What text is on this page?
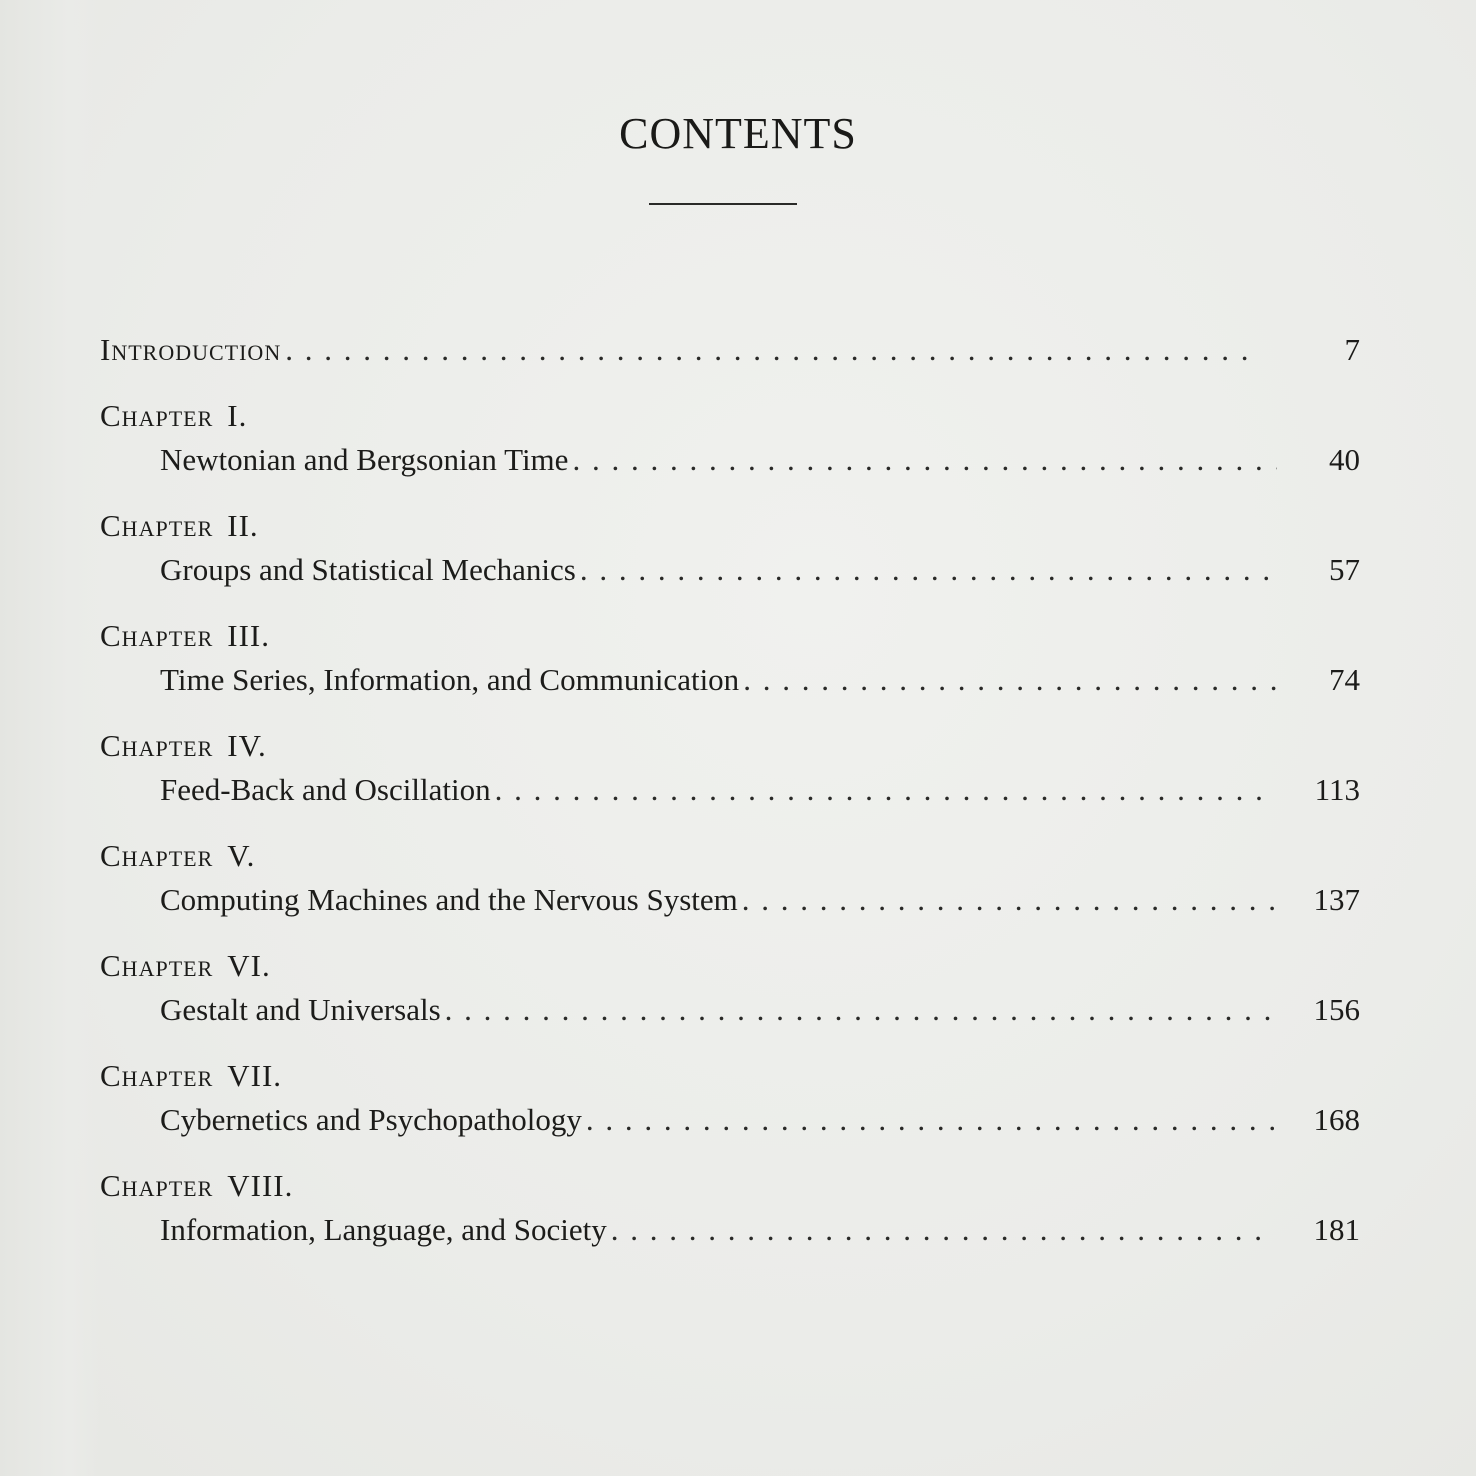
CONTENTS
Introduction . . .	7
Chapter I.
Newtonian and Bergsonian Time . . .	40
Chapter II.
Groups and Statistical Mechanics . . .	57
Chapter III.
Time Series, Information, and Communication . . .	74
Chapter IV.
Feed-Back and Oscillation . . .	113
Chapter V.
Computing Machines and the Nervous System . . .	137
Chapter VI.
Gestalt and Universals . . .	156
Chapter VII.
Cybernetics and Psychopathology . . .	168
Chapter VIII.
Information, Language, and Society . . .	181
